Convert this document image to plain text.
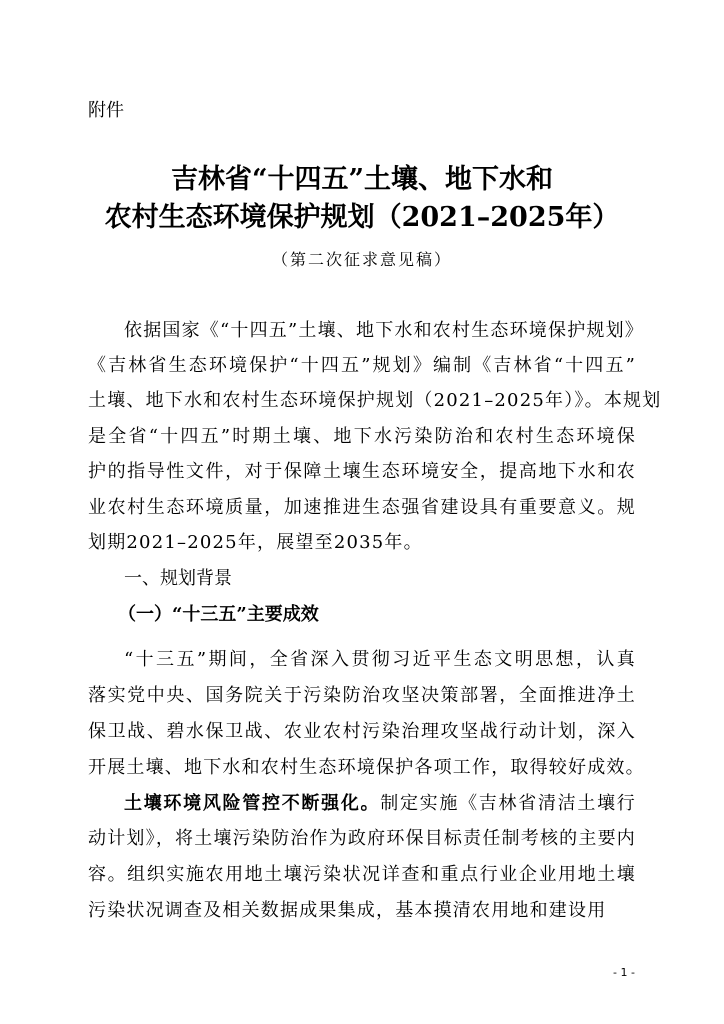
附件
吉林省“十四五”土壤、地下水和
农村生态环境保护规划（2021–2025年）
（第二次征求意见稿）
依据国家《“十四五”土壤、地下水和农村生态环境保护规划》
《吉林省生态环境保护“十四五”规划》编制《吉林省“十四五”
土壤、地下水和农村生态环境保护规划（2021–2025年）》。本规划
是全省“十四五”时期土壤、地下水污染防治和农村生态环境保
护的指导性文件，对于保障土壤生态环境安全，提高地下水和农
业农村生态环境质量，加速推进生态强省建设具有重要意义。规
划期2021–2025年，展望至2035年。
一、规划背景
（一）“十三五”主要成效
“十三五”期间，全省深入贯彻习近平生态文明思想，认真
落实党中央、国务院关于污染防治攻坚决策部署，全面推进净土
保卫战、碧水保卫战、农业农村污染治理攻坚战行动计划，深入
开展土壤、地下水和农村生态环境保护各项工作，取得较好成效。
土壤环境风险管控不断强化。制定实施《吉林省清洁土壤行
动计划》，将土壤污染防治作为政府环保目标责任制考核的主要内
容。组织实施农用地土壤污染状况详查和重点行业企业用地土壤
污染状况调查及相关数据成果集成，基本摸清农用地和建设用
- 1 -
